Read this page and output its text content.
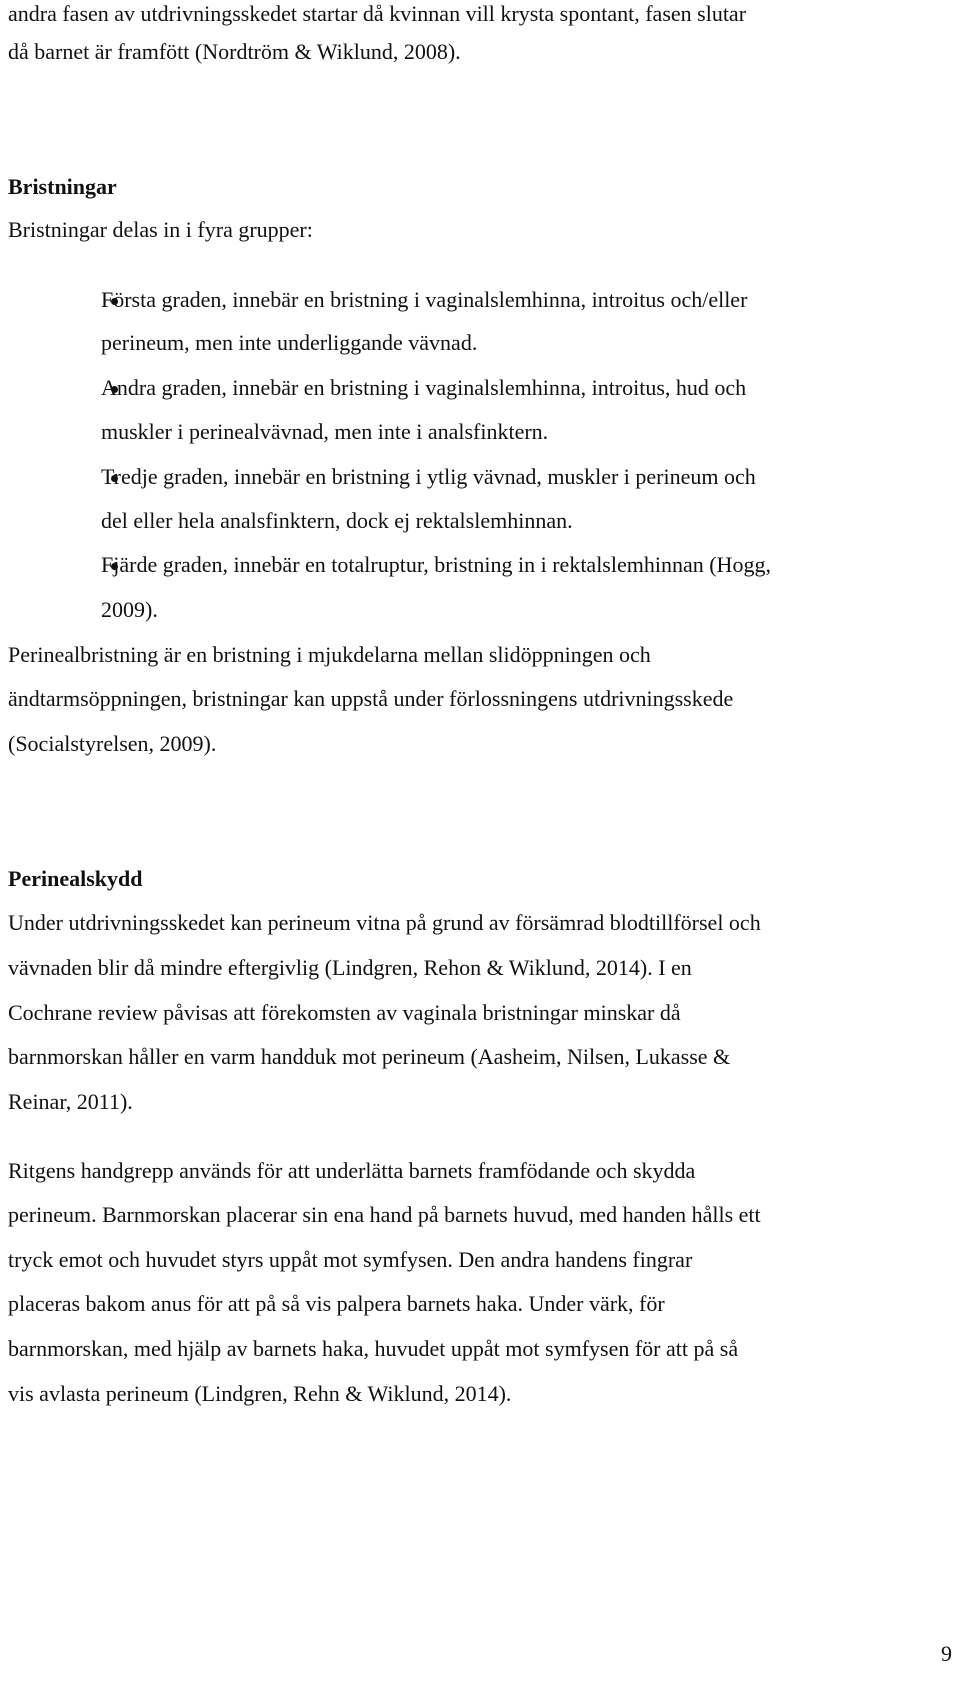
andra fasen av utdrivningsskedet startar då kvinnan vill krysta spontant, fasen slutar
då barnet är framfött (Nordtröm & Wiklund, 2008).
Bristningar
Bristningar delas in i fyra grupper:
Första graden, innebär en bristning i vaginalslemhinna, introitus och/eller
perineum, men inte underliggande vävnad.
Andra graden, innebär en bristning i vaginalslemhinna, introitus, hud och
muskler i perinealvävnad, men inte i analsfinktern.
Tredje graden, innebär en bristning i ytlig vävnad, muskler i perineum och
del eller hela analsfinktern, dock ej rektalslemhinnan.
Fjärde graden, innebär en totalruptur, bristning in i rektalslemhinnan (Hogg,
2009).
Perinealbristning är en bristning i mjukdelarna mellan slidöppningen och
ändtarmsöppningen, bristningar kan uppstå under förlossningens utdrivningsskede
(Socialstyrelsen, 2009).
Perinealskydd
Under utdrivningsskedet kan perineum vitna på grund av försämrad blodtillförsel och
vävnaden blir då mindre eftergivlig (Lindgren, Rehon & Wiklund, 2014). I en
Cochrane review påvisas att förekomsten av vaginala bristningar minskar då
barnmorskan håller en varm handduk mot perineum (Aasheim, Nilsen, Lukasse &
Reinar, 2011).
Ritgens handgrepp används för att underlätta barnets framfödande och skydda
perineum. Barnmorskan placerar sin ena hand på barnets huvud, med handen hålls ett
tryck emot och huvudet styrs uppåt mot symfysen. Den andra handens fingrar
placeras bakom anus för att på så vis palpera barnets haka. Under värk, för
barnmorskan, med hjälp av barnets haka, huvudet uppåt mot symfysen för att på så
vis avlasta perineum (Lindgren, Rehn & Wiklund, 2014).
9
